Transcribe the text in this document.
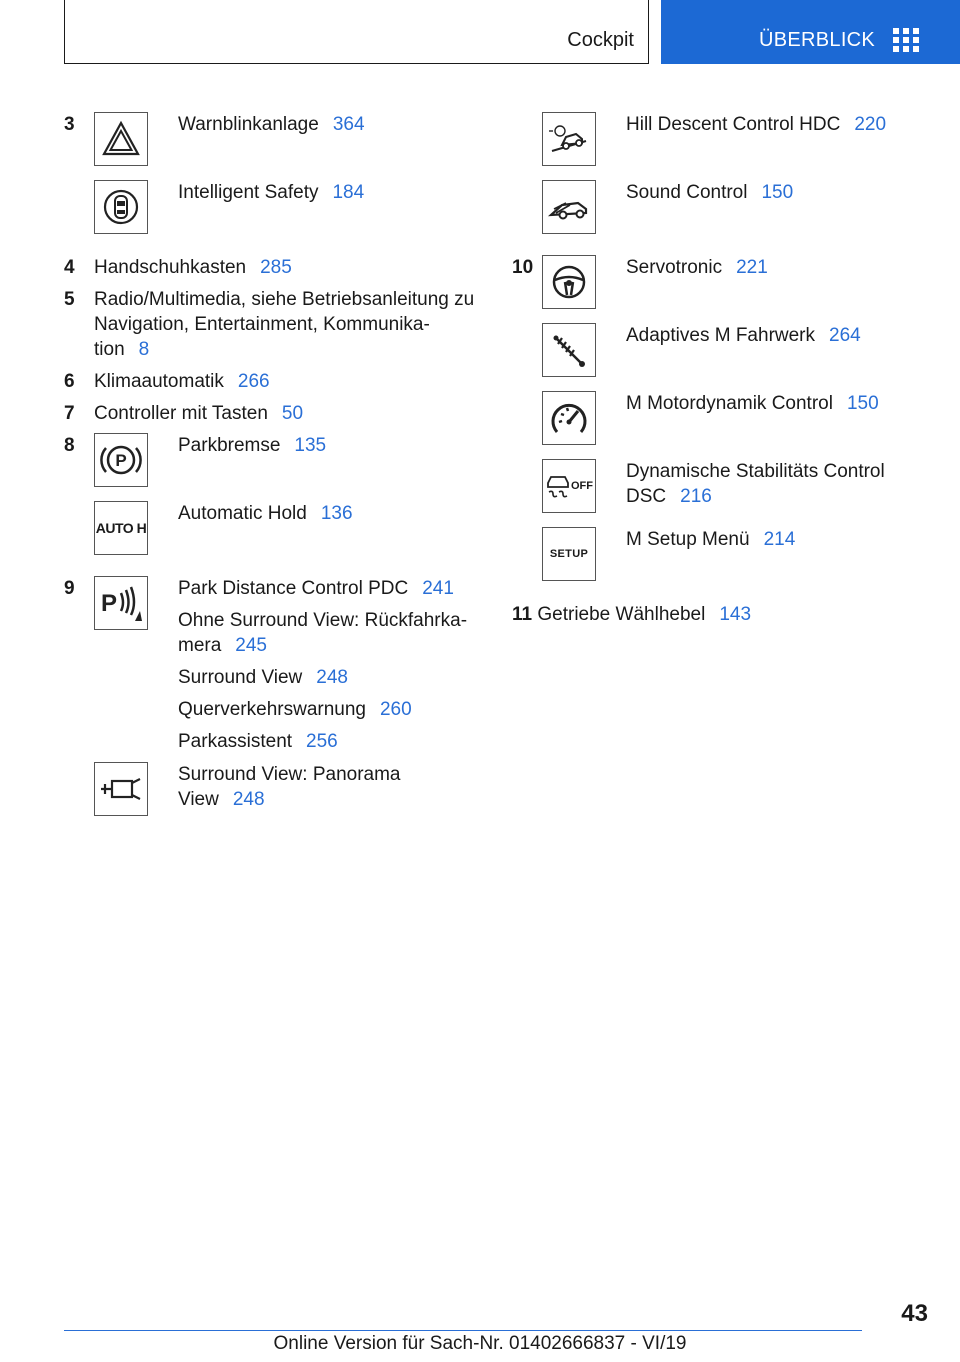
Cockpit	ÜBERBLICK
3	Warnblinkanlage 364
Intelligent Safety 184
4 Handschuhkasten 285
5 Radio/Multimedia, siehe Betriebsanleitung zu
Navigation, Entertainment, Kommunika-
tion 8
6 Klimaautomatik 266
7 Controller mit Tasten 50
8
P
Parkbremse 135
AUTO H
Automatic Hold 136
9
P
Park Distance Control PDC 241
Ohne Surround View: Rückfahrka-
mera 245
Surround View 248
Querverkehrswarnung 260
Parkassistent 256
Surround View: Panorama
View 248
Hill Descent Control HDC 220
Sound Control 150
10	Servotronic 221
Adaptives M Fahrwerk 264
M Motordynamik Control 150
OFF
Dynamische Stabilitäts Control
DSC 216
SETUP
M Setup Menü 214
11 Getriebe Wählhebel 143
43
Online Version für Sach-Nr. 01402666837 - VI/19
